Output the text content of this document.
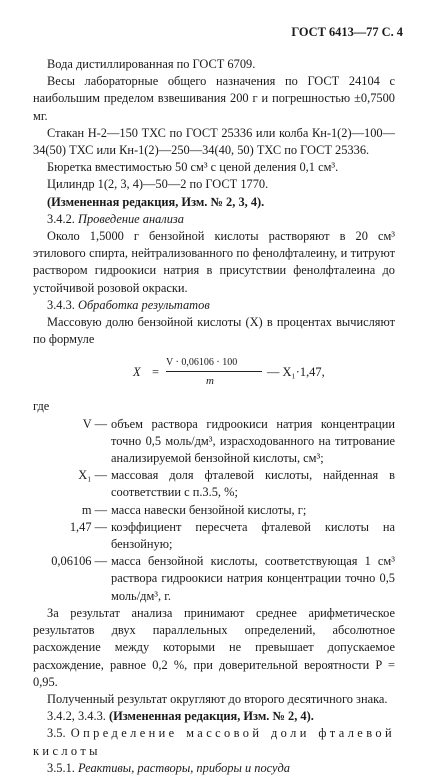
ГОСТ 6413—77 С. 4

Вода дистиллированная по ГОСТ 6709.

Весы лабораторные общего назначения по ГОСТ 24104 с наибольшим пределом взвешивания 200 г и погрешностью ±0,7500 мг.

Стакан Н-2—150 ТХС по ГОСТ 25336 или колба Кн-1(2)—100—34(50) ТХС или Кн-1(2)—250—34(40, 50) ТХС по ГОСТ 25336.

Бюретка вместимостью 50 см³ с ценой деления 0,1 см³.

Цилиндр 1(2, 3, 4)—50—2 по ГОСТ 1770.

(Измененная редакция, Изм. № 2, 3, 4).

3.4.2. Проведение анализа

Около 1,5000 г бензойной кислоты растворяют в 20 см³ этилового спирта, нейтрализованного по фенолфталеину, и титруют раствором гидроокиси натрия в присутствии фенолфталеина до устойчивой розовой окраски.

3.4.3. Обработка результатов

Массовую долю бензойной кислоты (X) в процентах вычисляют по формуле

X =
V · 0,06106 · 100
m
— X₁·1,47,
где
V — объем раствора гидроокиси натрия концентрации точно 0,5 моль/дм³, израсходованного на титрование анализируемой бензойной кислоты, см³;
X₁ — массовая доля фталевой кислоты, найденная в соответствии с п.3.5, %;
m — масса навески бензойной кислоты, г;
1,47 — коэффициент пересчета фталевой кислоты на бензойную;
0,06106 — масса бензойной кислоты, соответствующая 1 см³ раствора гидроокиси натрия концентрации точно 0,5 моль/дм³, г.

За результат анализа принимают среднее арифметическое результатов двух параллельных определений, абсолютное расхождение между которыми не превышает допускаемое расхождение, равное 0,2 %, при доверительной вероятности P = 0,95.

Полученный результат округляют до второго десятичного знака.

3.4.2, 3.4.3. (Измененная редакция, Изм. № 2, 4).

3.5. Определение массовой доли фталевой кислоты

3.5.1. Реактивы, растворы, приборы и посуда
